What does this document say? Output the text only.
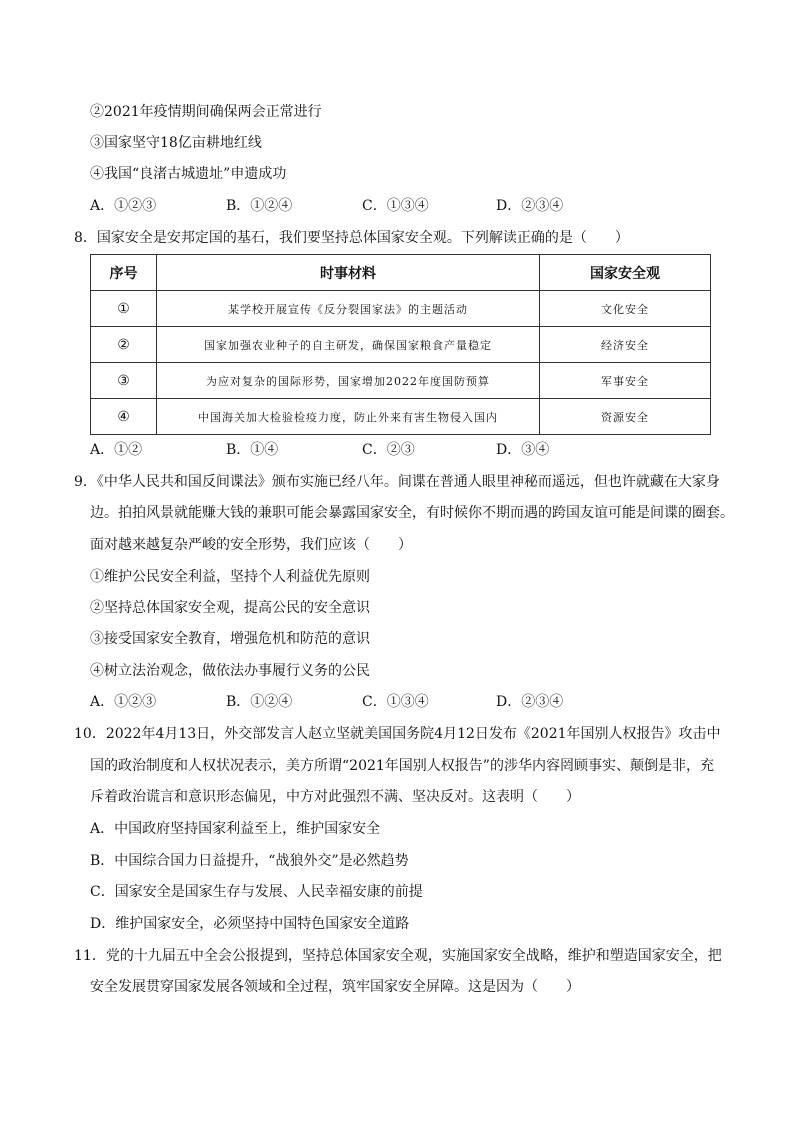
②2021年疫情期间确保两会正常进行
③国家坚守18亿亩耕地红线
④我国“良渚古城遗址”申遗成功
A．①②③	B．①②④	C．①③④	D．②③④
8．国家安全是安邦定国的基石，我们要坚持总体国家安全观。下列解读正确的是（　　）
序号	时事材料	国家安全观
①	某学校开展宣传《反分裂国家法》的主题活动	文化安全
②	国家加强农业种子的自主研发，确保国家粮食产量稳定	经济安全
③	为应对复杂的国际形势，国家增加2022年度国防预算	军事安全
④	中国海关加大检验检疫力度，防止外来有害生物侵入国内	资源安全
A．①②	B．①④	C．②③	D．③④
9．《中华人民共和国反间谍法》颁布实施已经八年。间谍在普通人眼里神秘而遥远，但也许就藏在大家身
边。拍拍风景就能赚大钱的兼职可能会暴露国家安全，有时候你不期而遇的跨国友谊可能是间谍的圈套。
面对越来越复杂严峻的安全形势，我们应该（　　）
①维护公民安全利益，坚持个人利益优先原则
②坚持总体国家安全观，提高公民的安全意识
③接受国家安全教育，增强危机和防范的意识
④树立法治观念，做依法办事履行义务的公民
A．①②③	B．①②④	C．①③④	D．②③④
10．2022年4月13日，外交部发言人赵立坚就美国国务院4月12日发布《2021年国别人权报告》攻击中
国的政治制度和人权状况表示，美方所谓“2021年国别人权报告”的涉华内容罔顾事实、颠倒是非，充
斥着政治谎言和意识形态偏见，中方对此强烈不满、坚决反对。这表明（　　）
A．中国政府坚持国家利益至上，维护国家安全
B．中国综合国力日益提升，“战狼外交”是必然趋势
C．国家安全是国家生存与发展、人民幸福安康的前提
D．维护国家安全，必须坚持中国特色国家安全道路
11．党的十九届五中全会公报提到，坚持总体国家安全观，实施国家安全战略，维护和塑造国家安全，把
安全发展贯穿国家发展各领域和全过程，筑牢国家安全屏障。这是因为（　　）
